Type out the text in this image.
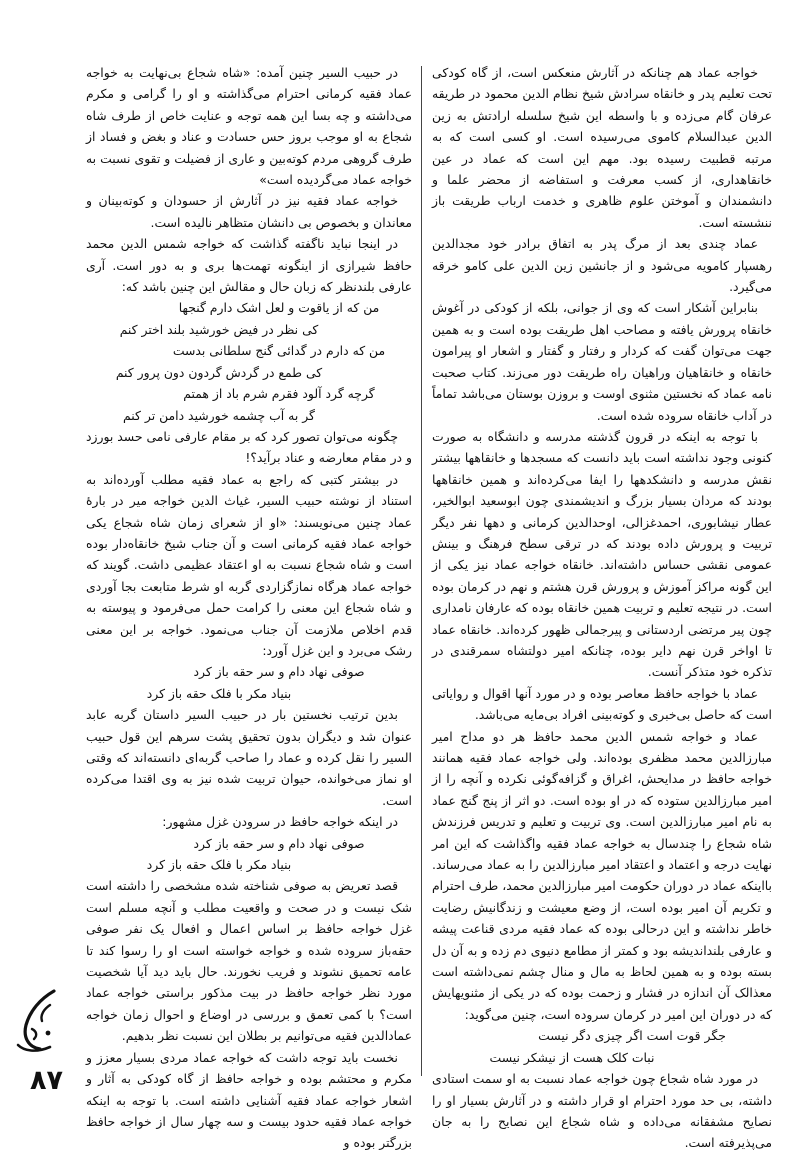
خواجه عماد هم چنانکه در آثارش منعکس است، از گاه کودکی تحت تعلیم پدر و خانقاه سرادش شیخ نظام الدین محمود در طریقه عرفان گام می‌زده و با واسطه این شیخ سلسله ارادتش به زین الدین عبدالسلام کاموی می‌رسیده است. او کسی است که به مرتبه قطبیت رسیده بود. مهم این است که عماد در عین خانقاهداری، از کسب معرفت و استفاضه از محضر علما و دانشمندان و آموختن علوم ظاهری و خدمت ارباب طریقت باز ننشسته است.

عماد چندی بعد از مرگ پدر به اتفاق برادر خود مجدالدین رهسپار کامویه می‌شود و از جانشین زین الدین علی کامو خرقه می‌گیرد.

بنابراین آشکار است که وی از جوانی، بلکه از کودکی در آغوش خانقاه پرورش یافته و مصاحب اهل طریقت بوده است و به همین جهت می‌توان گفت که کردار و رفتار و گفتار و اشعار او پیرامون خانقاه و خانقاهیان وراهیان راه طریقت دور می‌زند. کتاب صحبت نامه عماد که نخستین مثنوی اوست و بروزن بوستان می‌باشد تماماً در آداب خانقاه سروده شده است.

با توجه به اینکه در قرون گذشته مدرسه و دانشگاه به صورت کنونی وجود نداشته است باید دانست که مسجدها و خانقاهها بیشتر نقش مدرسه و دانشکدهها را ایفا می‌کرده‌اند و همین خانقاهها بودند که مردان بسیار بزرگ و اندیشمندی چون ابوسعید ابوالخیر، عطار نیشابوری، احمدغزالی، اوحدالدین کرمانی و دهها نفر دیگر تربیت و پرورش داده بودند که در ترقی سطح فرهنگ و بینش عمومی نقشی حساس داشته‌اند. خانقاه خواجه عماد نیز یکی از این گونه مراکز آموزش و پرورش قرن هشتم و نهم در کرمان بوده است. در نتیجه تعلیم و تربیت همین خانقاه بوده که عارفان نامداری چون پیر مرتضی اردستانی و پیرجمالی ظهور کرده‌اند. خانقاه عماد تا اواخر قرن نهم دایر بوده، چنانکه امیر دولتشاه سمرقندی در تذکره خود متذکر آنست.

عماد با خواجه حافظ معاصر بوده و در مورد آنها اقوال و روایاتی است که حاصل بی‌خبری و کوته‌بینی افراد بی‌مایه می‌باشد.

عماد و خواجه شمس الدین محمد حافظ هر دو مداح امیر مبارزالدین محمد مظفری بوده‌اند. ولی خواجه عماد فقیه همانند خواجه حافظ در مدایحش، اغراق و گزافه‌گوئی نکرده و آنچه را از امیر مبارزالدین ستوده که در او بوده است. دو اثر از پنج گنج عماد به نام امیر مبارزالدین است. وی تربیت و تعلیم و تدریس فرزندش شاه شجاع را چندسال به خواجه عماد فقیه واگذاشت که این امر نهایت درجه و اعتماد و اعتقاد امیر مبارزالدین را به عماد می‌رساند. بااینکه عماد در دوران حکومت امیر مبارزالدین محمد، طرف احترام و تکریم آن امیر بوده است، از وضع معیشت و زندگانیش رضایت خاطر نداشته و این درحالی بوده که عماد فقیه مردی قناعت پیشه و عارفی بلنداندیشه بود و کمتر از مطامع دنیوی دم زده و به آن دل بسته بوده و به همین لحاظ به مال و منال چشم نمی‌داشته است معذالک آن اندازه در فشار و زحمت بوده که در یکی از مثنویهایش که در دوران این امیر در کرمان سروده است، چنین می‌گوید:

جگر قوت است اگر چیزی دگر نیست

نبات کلک هست از نیشکر نیست

در مورد شاه شجاع چون خواجه عماد نسبت به او سمت استادی داشته، بی حد مورد احترام او قرار داشته و در آثارش بسیار او را نصایح مشفقانه می‌داده و شاه شجاع این نصایح را به جان می‌پذیرفته است.

در حبیب السیر چنین آمده: «شاه شجاع بی‌نهایت به خواجه عماد فقیه کرمانی احترام می‌گذاشته و او را گرامی و مکرم می‌داشته و چه بسا این همه توجه و عنایت خاص از طرف شاه شجاع به او موجب بروز حس حسادت و عناد و بغض و فساد از طرف گروهی مردم کوته‌بین و عاری از فضیلت و تقوی نسبت به خواجه عماد می‌گردیده است»

خواجه عماد فقیه نیز در آثارش از حسودان و کوته‌بینان و معاندان و بخصوص بی دانشان متظاهر نالیده است.

در اینجا نباید ناگفته گذاشت که خواجه شمس الدین محمد حافظ شیرازی از اینگونه تهمت‌ها بری و به دور است. آری عارفی بلندنظر که زبان حال و مقالش این چنین باشد که:

من که از یاقوت و لعل اشک دارم گنجها

کی نظر در فیض خورشید بلند اختر کنم

من که دارم در گدائی گنج سلطانی بدست

کی طمع در گردش گردون دون پرور کنم

گرچه گرد آلود فقرم شرم باد از همتم

گر به آب چشمه خورشید دامن تر کنم

چگونه می‌توان تصور کرد که بر مقام عارفی نامی حسد بورزد و در مقام معارضه و عناد برآید؟!

در بیشتر کتبی که راجع به عماد فقیه مطلب آورده‌اند به استناد از نوشته حبیب السیر، غیاث الدین خواجه میر در بارهٔ عماد چنین می‌نویسند: «او از شعرای زمان شاه شجاع یکی خواجه عماد فقیه کرمانی است و آن جناب شیخ خانقاه‌دار بوده است و شاه شجاع نسبت به او اعتقاد عظیمی داشت. گویند که خواجه عماد هرگاه نمازگزاردی گربه او شرط متابعت بجا آوردی و شاه شجاع این معنی را کرامت حمل می‌فرمود و پیوسته به قدم اخلاص ملازمت آن جناب می‌نمود. خواجه بر این معنی رشک می‌برد و این غزل آورد:

صوفی نهاد دام و سر حقه باز کرد

بنیاد مکر با فلک حقه باز کرد

بدین ترتیب نخستین بار در حبیب السیر داستان گربه عابد عنوان شد و دیگران بدون تحقیق پشت سرهم این قول حبیب السیر را نقل کرده و عماد را صاحب گربه‌ای دانسته‌اند که وقتی او نماز می‌خوانده، حیوان تربیت شده نیز به وی اقتدا می‌کرده است.

در اینکه خواجه حافظ در سرودن غزل مشهور:

صوفی نهاد دام و سر حقه باز کرد

بنیاد مکر با فلک حقه باز کرد

قصد تعریض به صوفی شناخته شده مشخصی را داشته است شک نیست و در صحت و واقعیت مطلب و آنچه مسلم است غزل خواجه حافظ بر اساس اعمال و افعال یک نفر صوفی حقه‌باز سروده شده و خواجه خواسته است او را رسوا کند تا عامه تحمیق نشوند و فریب نخورند. حال باید دید آیا شخصیت مورد نظر خواجه حافظ در بیت مذکور براستی خواجه عماد است؟ با کمی تعمق و بررسی در اوضاع و احوال زمان خواجه عمادالدین فقیه می‌توانیم بر بطلان این نسبت نظر بدهیم.

نخست باید توجه داشت که خواجه عماد مردی بسیار معزز و مکرم و محتشم بوده و خواجه حافظ از گاه کودکی به آثار و اشعار خواجه عماد فقیه آشنایی داشته است. با توجه به اینکه خواجه عماد فقیه حدود بیست و سه چهار سال از خواجه حافظ بزرگتر بوده و

۸۷
